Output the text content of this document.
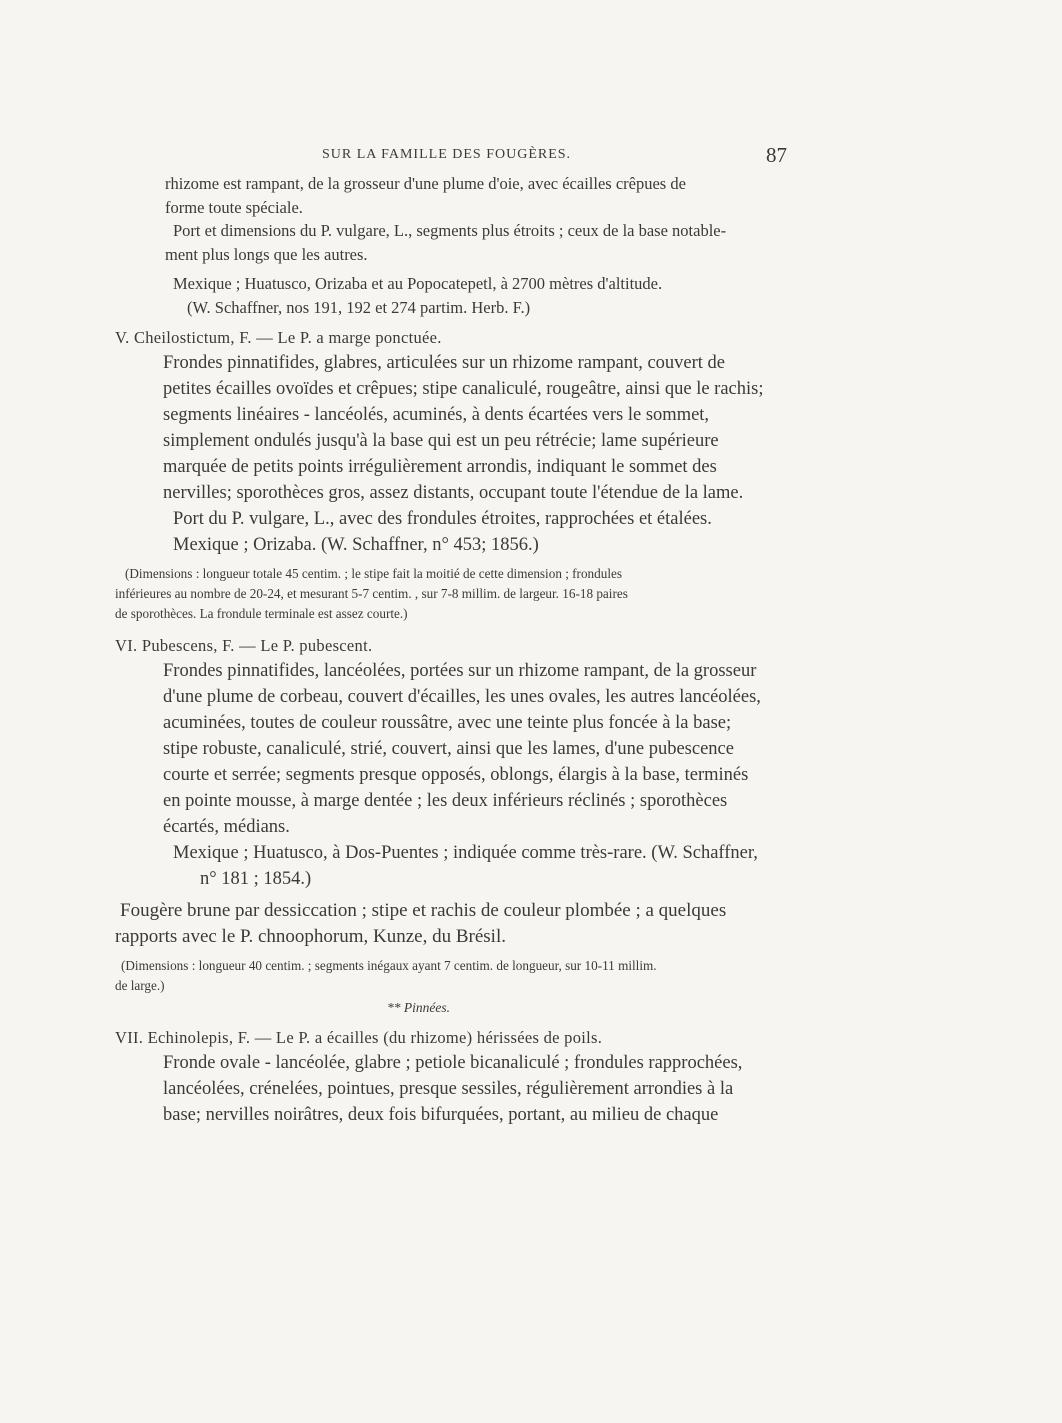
SUR LA FAMILLE DES FOUGÈRES.	87

rhizome est rampant, de la grosseur d'une plume d'oie, avec écailles crêpues de

forme toute spéciale.

Port et dimensions du P. vulgare, L., segments plus étroits ; ceux de la base notable-

ment plus longs que les autres.

Mexique ; Huatusco, Orizaba et au Popocatepetl, à 2700 mètres d'altitude.

(W. Schaffner, nos 191, 192 et 274 partim. Herb. F.)

V. Cheilostictum, F. — Le P. a marge ponctuée.

Frondes pinnatifides, glabres, articulées sur un rhizome rampant, couvert de

petites écailles ovoïdes et crêpues; stipe canaliculé, rougeâtre, ainsi que le rachis;

segments linéaires - lancéolés, acuminés, à dents écartées vers le sommet,

simplement ondulés jusqu'à la base qui est un peu rétrécie; lame supérieure

marquée de petits points irrégulièrement arrondis, indiquant le sommet des

nervilles; sporothèces gros, assez distants, occupant toute l'étendue de la lame.

Port du P. vulgare, L., avec des frondules étroites, rapprochées et étalées.

Mexique ; Orizaba. (W. Schaffner, n° 453; 1856.)

(Dimensions : longueur totale 45 centim. ; le stipe fait la moitié de cette dimension ; frondules

inférieures au nombre de 20-24, et mesurant 5-7 centim. , sur 7-8 millim. de largeur. 16-18 paires

de sporothèces. La frondule terminale est assez courte.)

VI. Pubescens, F. — Le P. pubescent.

Frondes pinnatifides, lancéolées, portées sur un rhizome rampant, de la grosseur

d'une plume de corbeau, couvert d'écailles, les unes ovales, les autres lancéolées,

acuminées, toutes de couleur roussâtre, avec une teinte plus foncée à la base;

stipe robuste, canaliculé, strié, couvert, ainsi que les lames, d'une pubescence

courte et serrée; segments presque opposés, oblongs, élargis à la base, terminés

en pointe mousse, à marge dentée ; les deux inférieurs réclinés ; sporothèces

écartés, médians.

Mexique ; Huatusco, à Dos-Puentes ; indiquée comme très-rare. (W. Schaffner,

n° 181 ; 1854.)

Fougère brune par dessiccation ; stipe et rachis de couleur plombée ; a quelques

rapports avec le P. chnoophorum, Kunze, du Brésil.

(Dimensions : longueur 40 centim. ; segments inégaux ayant 7 centim. de longueur, sur 10-11 millim.

de large.)

** Pinnées.

VII. Echinolepis, F. — Le P. a écailles (du rhizome) hérissées de poils.

Fronde ovale - lancéolée, glabre ; petiole bicanaliculé ; frondules rapprochées,

lancéolées, crénelées, pointues, presque sessiles, régulièrement arrondies à la

base; nervilles noirâtres, deux fois bifurquées, portant, au milieu de chaque
